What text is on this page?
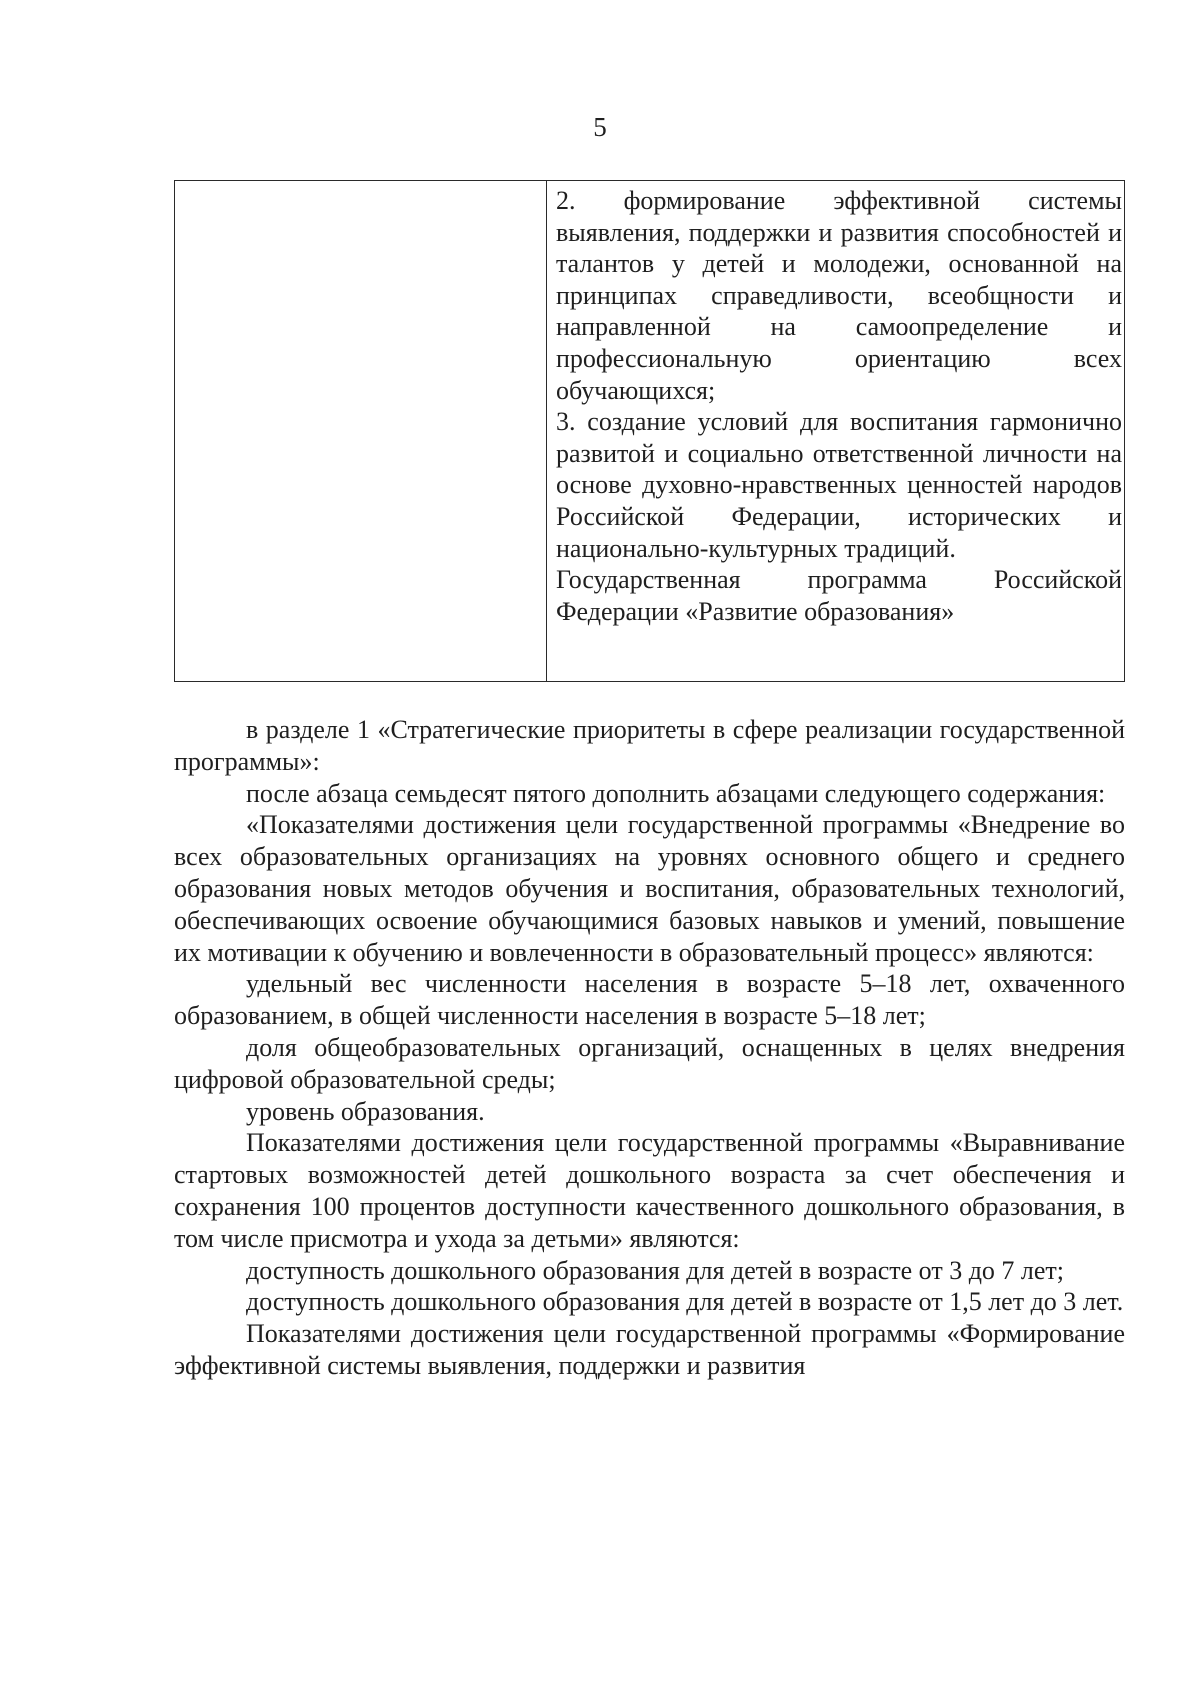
5

2. формирование эффективной системы выявления, поддержки и развития способностей и талантов у детей и молодежи, основанной на принципах справедливости, всеобщности и направленной на самоопределение и профессиональную ориентацию всех обучающихся;

3. создание условий для воспитания гармонично развитой и социально ответственной личности на основе духовно-нравственных ценностей народов Российской Федерации, исторических и национально-культурных традиций.

Государственная программа Российской Федерации «Развитие образования»

в разделе 1 «Стратегические приоритеты в сфере реализации государственной программы»:

после абзаца семьдесят пятого дополнить абзацами следующего содержания:

«Показателями достижения цели государственной программы «Внедрение во всех образовательных организациях на уровнях основного общего и среднего образования новых методов обучения и воспитания, образовательных технологий, обеспечивающих освоение обучающимися базовых навыков и умений, повышение их мотивации к обучению и вовлеченности в образовательный процесс» являются:

удельный вес численности населения в возрасте 5–18 лет, охваченного образованием, в общей численности населения в возрасте 5–18 лет;

доля общеобразовательных организаций, оснащенных в целях внедрения цифровой образовательной среды;

уровень образования.

Показателями достижения цели государственной программы «Выравнивание стартовых возможностей детей дошкольного возраста за счет обеспечения и сохранения 100 процентов доступности качественного дошкольного образования, в том числе присмотра и ухода за детьми» являются:

доступность дошкольного образования для детей в возрасте от 3 до 7 лет;

доступность дошкольного образования для детей в возрасте от 1,5 лет до 3 лет.

Показателями достижения цели государственной программы «Формирование эффективной системы выявления, поддержки и развития
